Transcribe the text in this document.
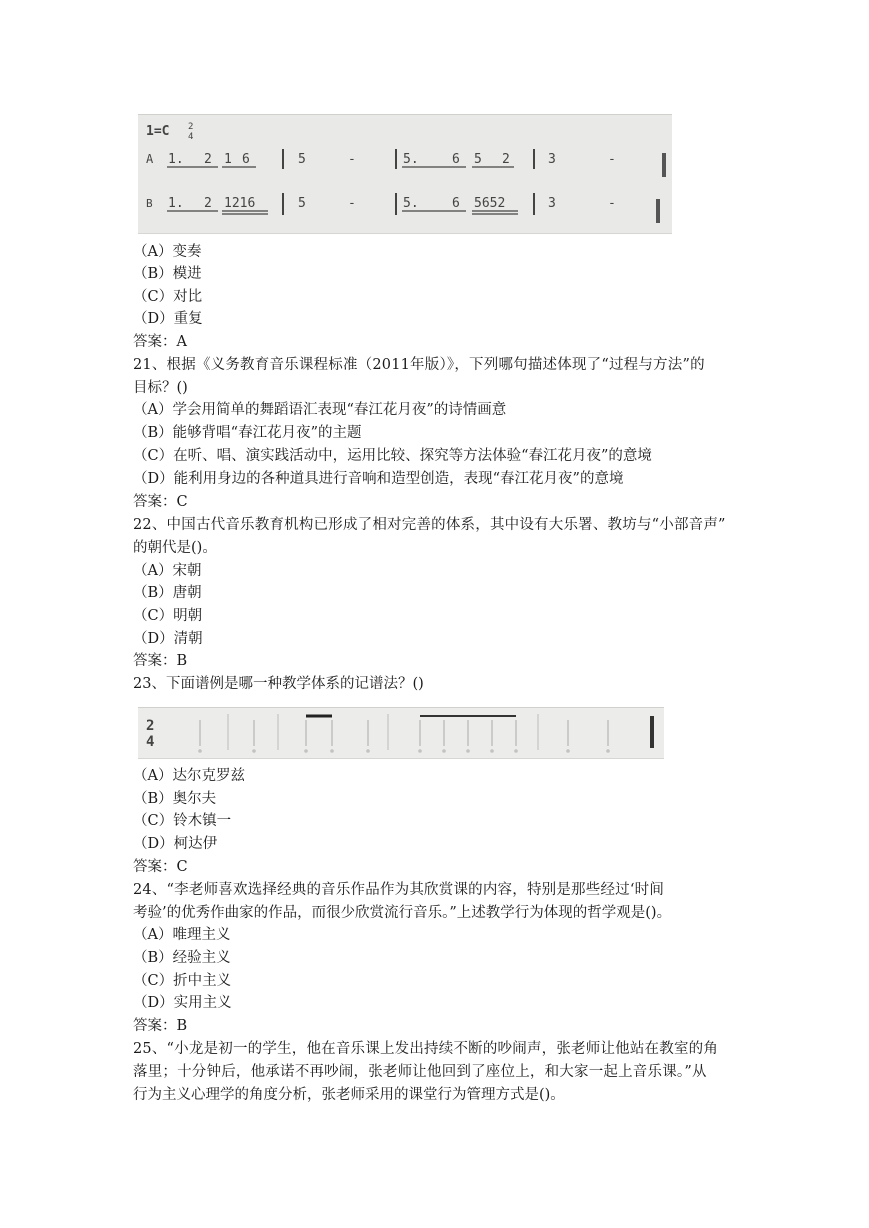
1=C 2
4
A
B
1. 2 1 6	5	-	5.	6 5 2	3	-
1. 2 1216	5	-	5.	6 5652	3	-
（A）变奏
（B）模进
（C）对比
（D）重复
答案：A
21、根据《义务教育音乐课程标准（2011年版）》，下列哪句描述体现了“过程与方法”的
目标？()
（A）学会用简单的舞蹈语汇表现“春江花月夜”的诗情画意
（B）能够背唱“春江花月夜”的主题
（C）在听、唱、演实践活动中，运用比较、探究等方法体验“春江花月夜”的意境
（D）能利用身边的各种道具进行音响和造型创造，表现“春江花月夜”的意境
答案：C
22、中国古代音乐教育机构已形成了相对完善的体系，其中设有大乐署、教坊与“小部音声”
的朝代是()。
（A）宋朝
（B）唐朝
（C）明朝
（D）清朝
答案：B
23、下面谱例是哪一种教学体系的记谱法？()
2
4
（A）达尔克罗兹
（B）奥尔夫
（C）铃木镇一
（D）柯达伊
答案：C
24、“李老师喜欢选择经典的音乐作品作为其欣赏课的内容，特别是那些经过‘时间
考验’的优秀作曲家的作品，而很少欣赏流行音乐。”上述教学行为体现的哲学观是()。
（A）唯理主义
（B）经验主义
（C）折中主义
（D）实用主义
答案：B
25、“小龙是初一的学生，他在音乐课上发出持续不断的吵闹声，张老师让他站在教室的角
落里；十分钟后，他承诺不再吵闹，张老师让他回到了座位上，和大家一起上音乐课。”从
行为主义心理学的角度分析，张老师采用的课堂行为管理方式是()。
